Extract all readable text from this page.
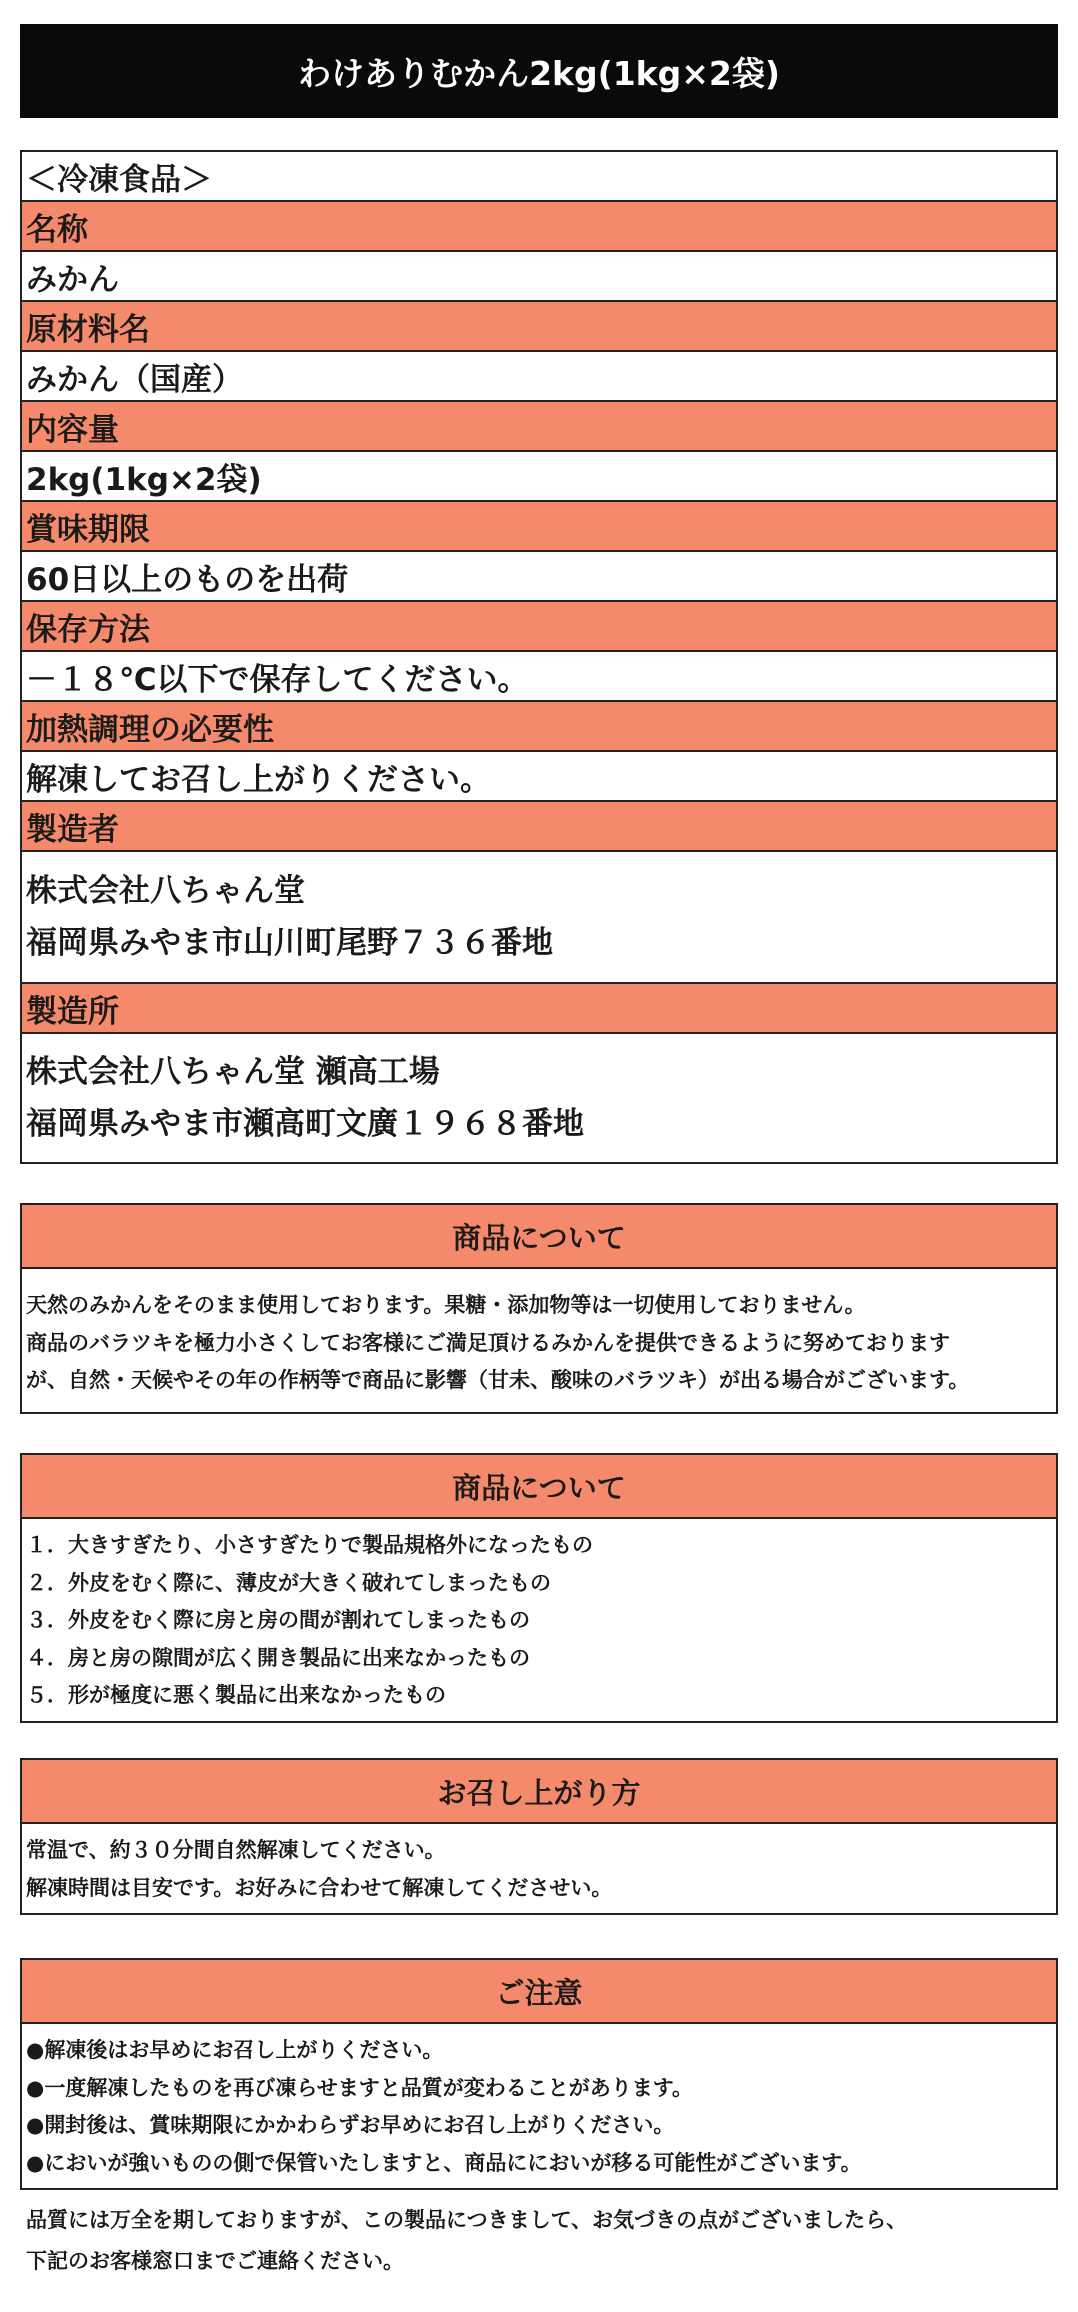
わけありむかん2kg(1kg×2袋)
＜冷凍食品＞
名称
みかん
原材料名
みかん（国産）
内容量
2kg(1kg×2袋)
賞味期限
60日以上のものを出荷
保存方法
－１８℃以下で保存してください。
加熱調理の必要性
解凍してお召し上がりください。
製造者
株式会社八ちゃん堂
福岡県みやま市山川町尾野７３６番地
製造所
株式会社八ちゃん堂 瀬高工場
福岡県みやま市瀬高町文廣１９６８番地
商品について
天然のみかんをそのまま使用しております。果糖・添加物等は一切使用しておりません。
商品のバラツキを極力小さくしてお客様にご満足頂けるみかんを提供できるように努めております
が、自然・天候やその年の作柄等で商品に影響（甘未、酸味のバラツキ）が出る場合がございます。
商品について
１．大きすぎたり、小さすぎたりで製品規格外になったもの
２．外皮をむく際に、薄皮が大きく破れてしまったもの
３．外皮をむく際に房と房の間が割れてしまったもの
４．房と房の隙間が広く開き製品に出来なかったもの
５．形が極度に悪く製品に出来なかったもの
お召し上がり方
常温で、約３０分間自然解凍してください。
解凍時間は目安です。お好みに合わせて解凍してくださせい。
ご注意
●解凍後はお早めにお召し上がりください。
●一度解凍したものを再び凍らせますと品質が変わることがあります。
●開封後は、賞味期限にかかわらずお早めにお召し上がりください。
●においが強いものの側で保管いたしますと、商品ににおいが移る可能性がございます。
品質には万全を期しておりますが、この製品につきまして、お気づきの点がございましたら、
下記のお客様窓口までご連絡ください。
